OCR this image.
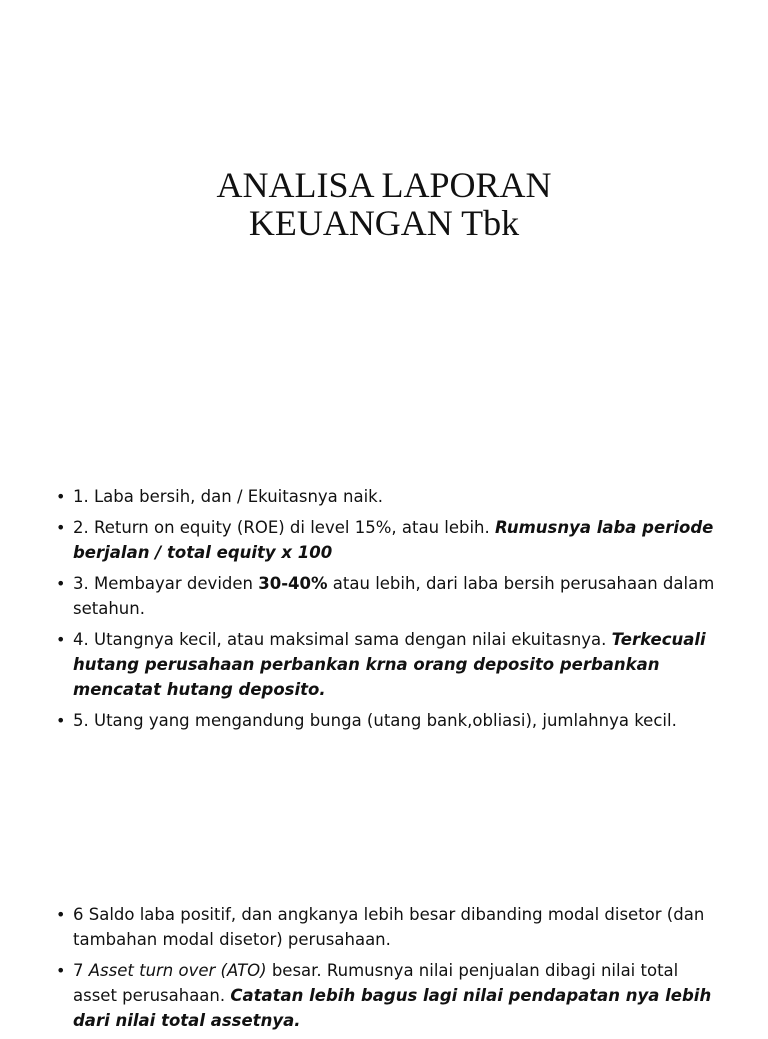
ANALISA LAPORAN
KEUANGAN Tbk
• 1. Laba bersih, dan / Ekuitasnya naik.
• 2. Return on equity (ROE) di level 15%, atau lebih. Rumusnya laba periode berjalan / total equity x 100
• 3. Membayar deviden 30-40% atau lebih, dari laba bersih perusahaan dalam setahun.
• 4. Utangnya kecil, atau maksimal sama dengan nilai ekuitasnya. Terkecuali hutang perusahaan perbankan krna orang deposito perbankan mencatat hutang deposito.
• 5. Utang yang mengandung bunga (utang bank,obliasi), jumlahnya kecil.
• 6 Saldo laba positif, dan angkanya lebih besar dibanding modal disetor (dan tambahan modal disetor) perusahaan.
• 7 Asset turn over (ATO) besar. Rumusnya nilai penjualan dibagi nilai total asset perusahaan. Catatan lebih bagus lagi nilai pendapatan nya lebih dari nilai total assetnya.
